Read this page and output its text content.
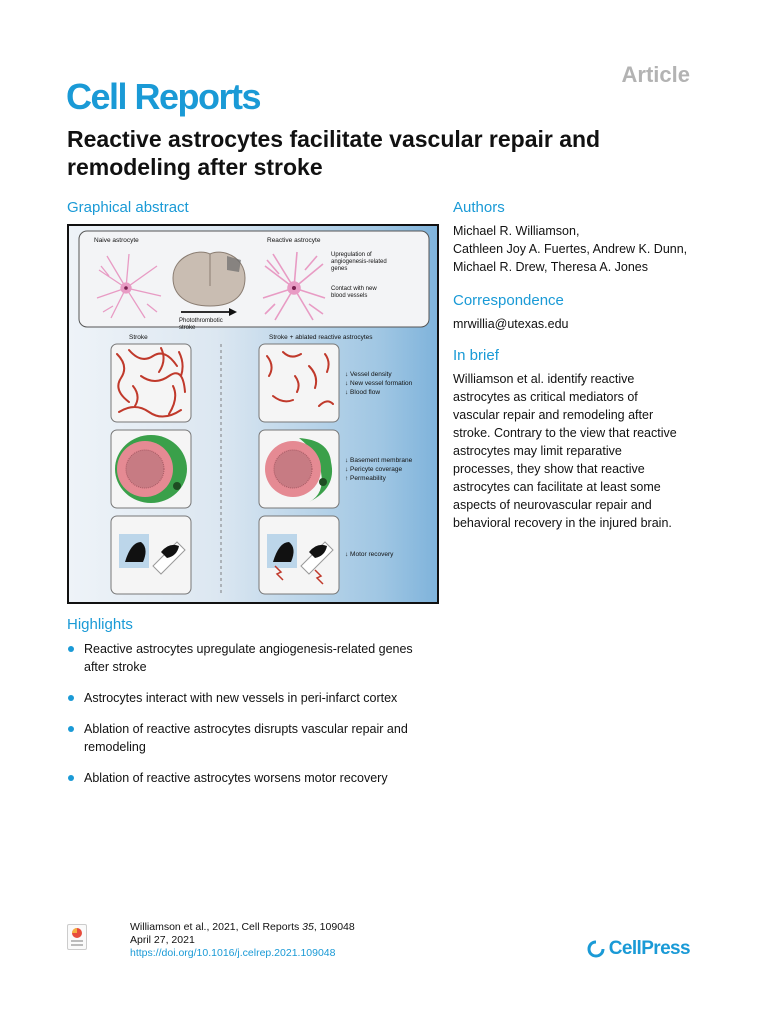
Article
Cell Reports
Reactive astrocytes facilitate vascular repair and remodeling after stroke
Graphical abstract
Naive astrocyte	Reactive astrocyte
Photothrombotic stroke
Upregulation of angiogenesis-related genes
Contact with new blood vessels
Stroke	Stroke + ablated reactive astrocytes
↓ Vessel density
↓ New vessel formation
↓ Blood flow
↓ Basement membrane
↓ Pericyte coverage
↑ Permeability
↓ Motor recovery
Authors
Michael R. Williamson,
Cathleen Joy A. Fuertes, Andrew K. Dunn,
Michael R. Drew, Theresa A. Jones
Correspondence
mrwillia@utexas.edu
In brief
Williamson et al. identify reactive
astrocytes as critical mediators of
vascular repair and remodeling after
stroke. Contrary to the view that reactive
astrocytes may limit reparative
processes, they show that reactive
astrocytes can facilitate at least some
aspects of neurovascular repair and
behavioral recovery in the injured brain.
Highlights
Reactive astrocytes upregulate angiogenesis-related genes
after stroke
Astrocytes interact with new vessels in peri-infarct cortex
Ablation of reactive astrocytes disrupts vascular repair and
remodeling
Ablation of reactive astrocytes worsens motor recovery
Williamson et al., 2021, Cell Reports 35, 109048
April 27, 2021
https://doi.org/10.1016/j.celrep.2021.109048	CellPress
